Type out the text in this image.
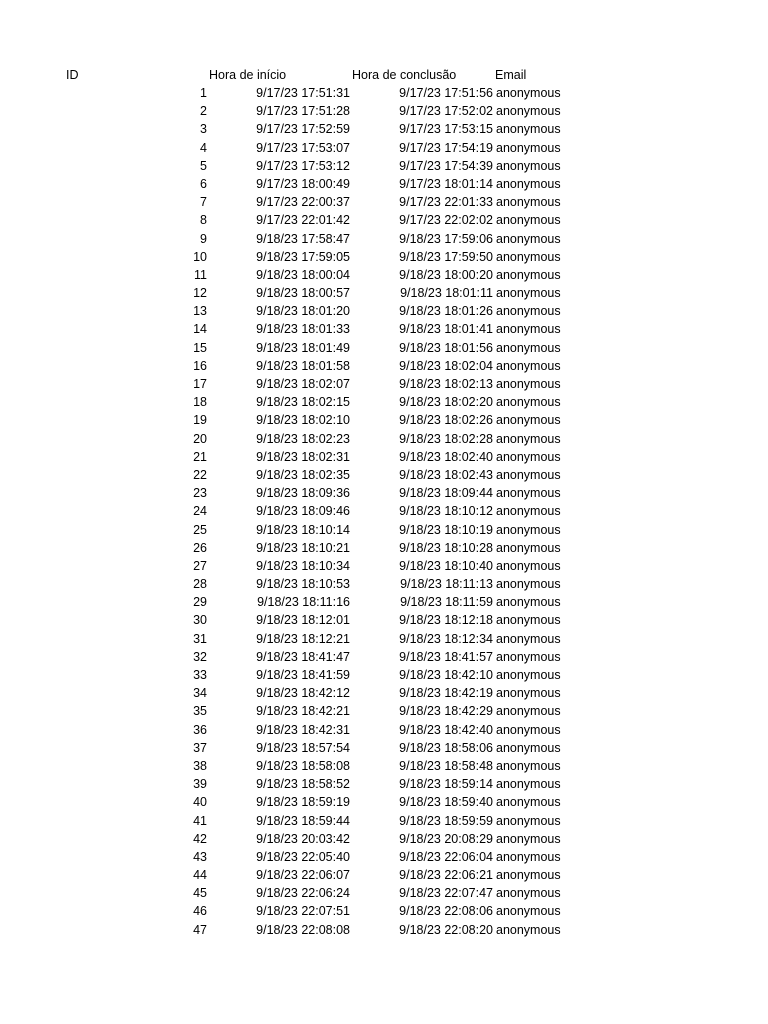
ID	Hora de início	Hora de conclusão	Email
1	9/17/23 17:51:31	9/17/23 17:51:56 anonymous
2	9/17/23 17:51:28	9/17/23 17:52:02 anonymous
3	9/17/23 17:52:59	9/17/23 17:53:15 anonymous
4	9/17/23 17:53:07	9/17/23 17:54:19 anonymous
5	9/17/23 17:53:12	9/17/23 17:54:39 anonymous
6	9/17/23 18:00:49	9/17/23 18:01:14 anonymous
7	9/17/23 22:00:37	9/17/23 22:01:33 anonymous
8	9/17/23 22:01:42	9/17/23 22:02:02 anonymous
9	9/18/23 17:58:47	9/18/23 17:59:06 anonymous
10	9/18/23 17:59:05	9/18/23 17:59:50 anonymous
11	9/18/23 18:00:04	9/18/23 18:00:20 anonymous
12	9/18/23 18:00:57	9/18/23 18:01:11 anonymous
13	9/18/23 18:01:20	9/18/23 18:01:26 anonymous
14	9/18/23 18:01:33	9/18/23 18:01:41 anonymous
15	9/18/23 18:01:49	9/18/23 18:01:56 anonymous
16	9/18/23 18:01:58	9/18/23 18:02:04 anonymous
17	9/18/23 18:02:07	9/18/23 18:02:13 anonymous
18	9/18/23 18:02:15	9/18/23 18:02:20 anonymous
19	9/18/23 18:02:10	9/18/23 18:02:26 anonymous
20	9/18/23 18:02:23	9/18/23 18:02:28 anonymous
21	9/18/23 18:02:31	9/18/23 18:02:40 anonymous
22	9/18/23 18:02:35	9/18/23 18:02:43 anonymous
23	9/18/23 18:09:36	9/18/23 18:09:44 anonymous
24	9/18/23 18:09:46	9/18/23 18:10:12 anonymous
25	9/18/23 18:10:14	9/18/23 18:10:19 anonymous
26	9/18/23 18:10:21	9/18/23 18:10:28 anonymous
27	9/18/23 18:10:34	9/18/23 18:10:40 anonymous
28	9/18/23 18:10:53	9/18/23 18:11:13 anonymous
29	9/18/23 18:11:16	9/18/23 18:11:59 anonymous
30	9/18/23 18:12:01	9/18/23 18:12:18 anonymous
31	9/18/23 18:12:21	9/18/23 18:12:34 anonymous
32	9/18/23 18:41:47	9/18/23 18:41:57 anonymous
33	9/18/23 18:41:59	9/18/23 18:42:10 anonymous
34	9/18/23 18:42:12	9/18/23 18:42:19 anonymous
35	9/18/23 18:42:21	9/18/23 18:42:29 anonymous
36	9/18/23 18:42:31	9/18/23 18:42:40 anonymous
37	9/18/23 18:57:54	9/18/23 18:58:06 anonymous
38	9/18/23 18:58:08	9/18/23 18:58:48 anonymous
39	9/18/23 18:58:52	9/18/23 18:59:14 anonymous
40	9/18/23 18:59:19	9/18/23 18:59:40 anonymous
41	9/18/23 18:59:44	9/18/23 18:59:59 anonymous
42	9/18/23 20:03:42	9/18/23 20:08:29 anonymous
43	9/18/23 22:05:40	9/18/23 22:06:04 anonymous
44	9/18/23 22:06:07	9/18/23 22:06:21 anonymous
45	9/18/23 22:06:24	9/18/23 22:07:47 anonymous
46	9/18/23 22:07:51	9/18/23 22:08:06 anonymous
47	9/18/23 22:08:08	9/18/23 22:08:20 anonymous
